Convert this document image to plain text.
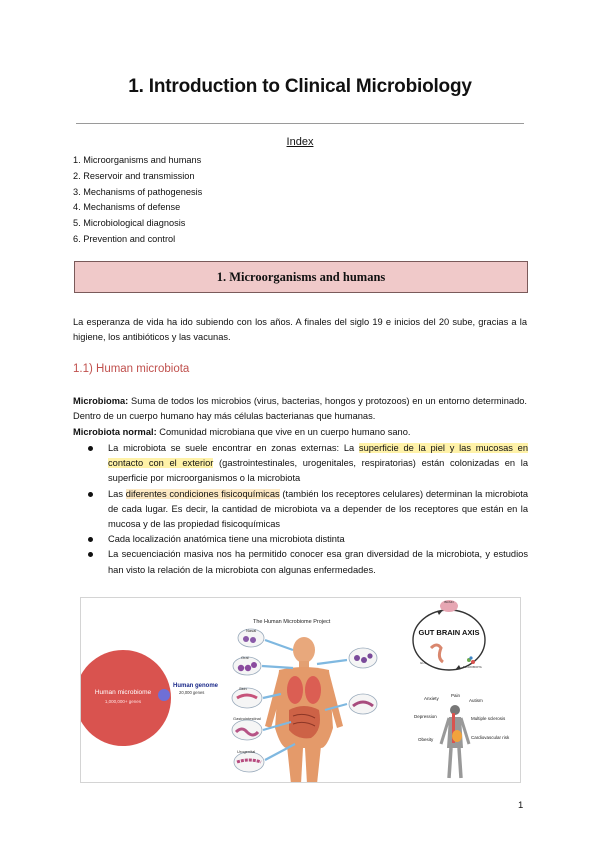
1. Introduction to Clinical Microbiology
Index
1. Microorganisms and humans
2. Reservoir and transmission
3. Mechanisms of pathogenesis
4. Mechanisms of defense
5. Microbiological diagnosis
6. Prevention and control
1. Microorganisms and humans
La esperanza de vida ha ido subiendo con los años. A finales del siglo 19 e inicios del 20 sube, gracias a la higiene, los antibióticos y las vacunas.
1.1) Human microbiota
Microbioma: Suma de todos los microbios (virus, bacterias, hongos y protozoos) en un entorno determinado. Dentro de un cuerpo humano hay más células bacterianas que humanas.
Microbiota normal: Comunidad microbiana que vive en un cuerpo humano sano.
La microbiota se suele encontrar en zonas externas: La superficie de la piel y las mucosas en contacto con el exterior (gastrointestinales, urogenitales, respiratorias) están colonizadas en la superficie por microorganismos o la microbiota
Las diferentes condiciones fisicoquímicas (también los receptores celulares) determinan la microbiota de cada lugar. Es decir, la cantidad de microbiota va a depender de los receptores que están en la mucosa y de las propiedad fisicoquímicas
Cada localización anatómica tiene una microbiota distinta
La secuenciación masiva nos ha permitido conocer esa gran diversidad de la microbiota, y estudios han visto la relación de la microbiota con algunas enfermedades.
Human microbiome
1,000,000+ genes
Human genome
20,000 genes
The Human Microbiome Project
Nasal
Oral
Skin
Gastrointestinal
Urogenital
GUT BRAIN AXIS
BRAIN
GUT
MICROBIOTA
Anxiety
Pain
Autism
Depression	Multiple sclerosis
Obesity	Cardiovascular risk
1
